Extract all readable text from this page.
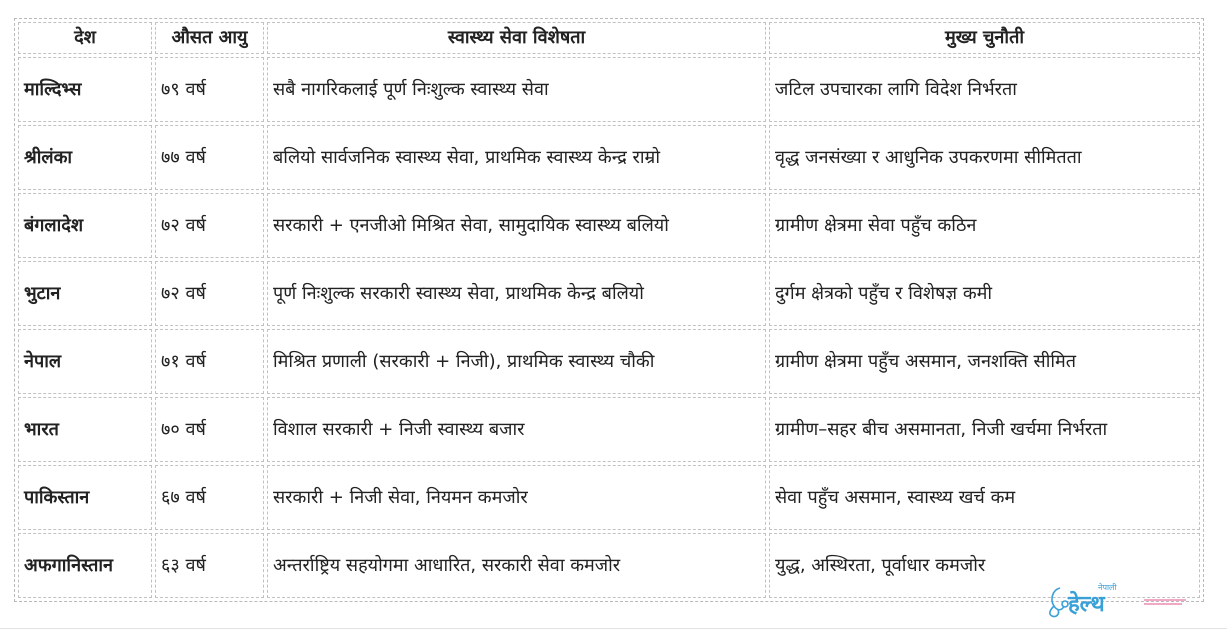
देश	औसत आयु	स्वास्थ्य सेवा विशेषता	मुख्य चुनौती
माल्दिभ्स	७९ वर्ष	सबै नागरिकलाई पूर्ण निःशुल्क स्वास्थ्य सेवा	जटिल उपचारका लागि विदेश निर्भरता
श्रीलंका	७७ वर्ष	बलियो सार्वजनिक स्वास्थ्य सेवा, प्राथमिक स्वास्थ्य केन्द्र राम्रो	वृद्ध जनसंख्या र आधुनिक उपकरणमा सीमितता
बंगलादेश	७२ वर्ष	सरकारी + एनजीओ मिश्रित सेवा, सामुदायिक स्वास्थ्य बलियो	ग्रामीण क्षेत्रमा सेवा पहुँच कठिन
भुटान	७२ वर्ष	पूर्ण निःशुल्क सरकारी स्वास्थ्य सेवा, प्राथमिक केन्द्र बलियो	दुर्गम क्षेत्रको पहुँच र विशेषज्ञ कमी
नेपाल	७१ वर्ष	मिश्रित प्रणाली (सरकारी + निजी), प्राथमिक स्वास्थ्य चौकी	ग्रामीण क्षेत्रमा पहुँच असमान, जनशक्ति सीमित
भारत	७० वर्ष	विशाल सरकारी + निजी स्वास्थ्य बजार	ग्रामीण–सहर बीच असमानता, निजी खर्चमा निर्भरता
पाकिस्तान	६७ वर्ष	सरकारी + निजी सेवा, नियमन कमजोर	सेवा पहुँच असमान, स्वास्थ्य खर्च कम
अफगानिस्तान	६३ वर्ष	अन्तर्राष्ट्रिय सहयोगमा आधारित, सरकारी सेवा कमजोर	युद्ध, अस्थिरता, पूर्वाधार कमजोर
नेपाली
हेल्थ
